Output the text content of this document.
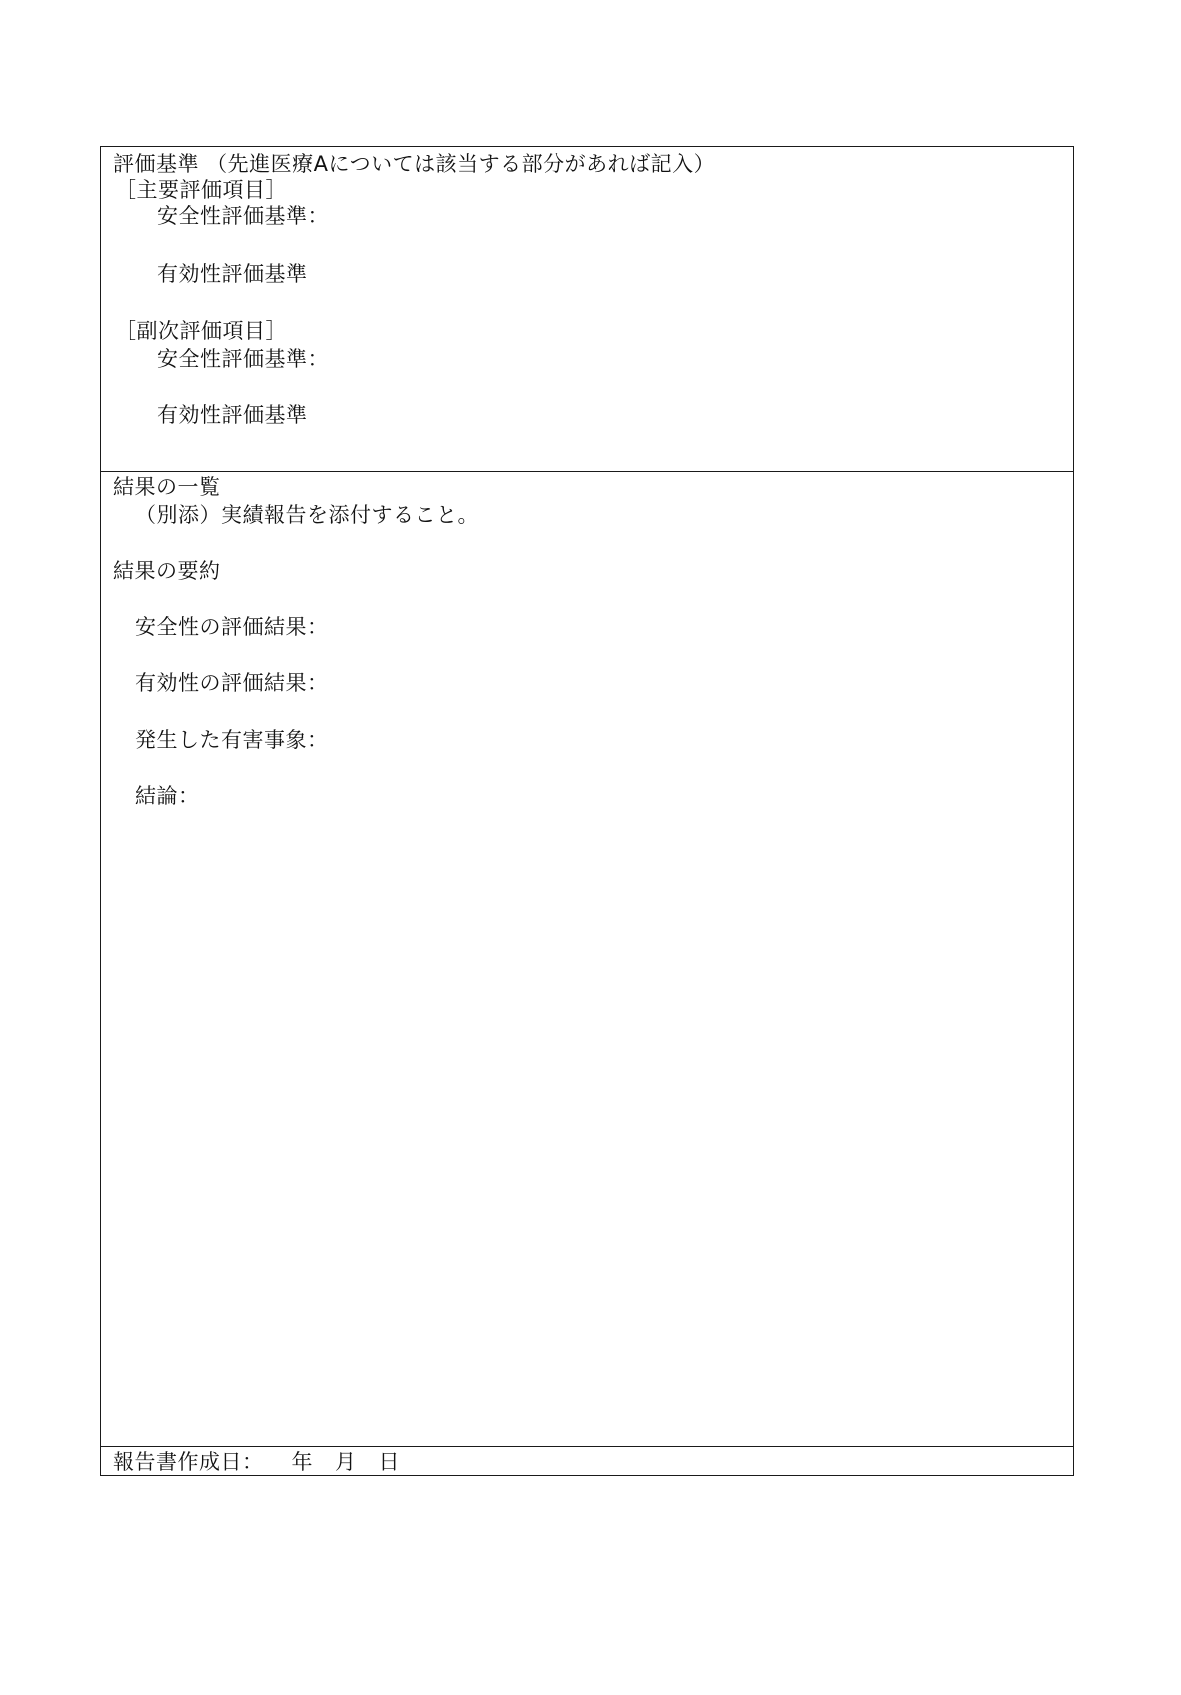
評価基準 （先進医療Aについては該当する部分があれば記入）
［主要評価項目］
安全性評価基準：
有効性評価基準
［副次評価項目］
安全性評価基準：
有効性評価基準

結果の一覧
（別添）実績報告を添付すること。
結果の要約
安全性の評価結果：
有効性の評価結果：
発生した有害事象：
結論：

報告書作成日： 年 月 日
